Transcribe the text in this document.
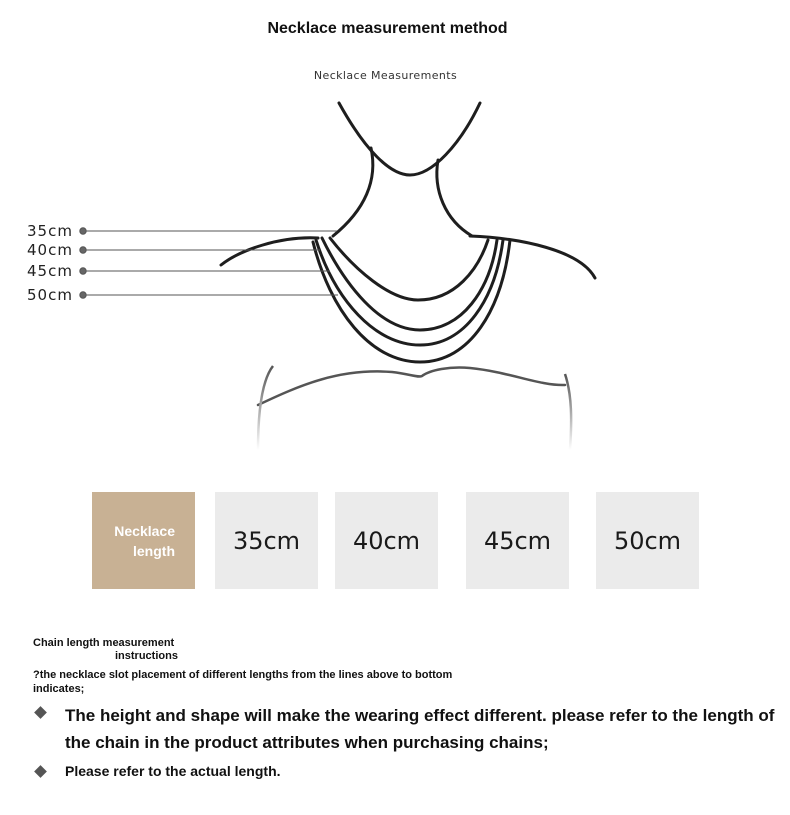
Necklace measurement method
Necklace Measurements
35cm
40cm
45cm
50cm
Necklace
length	35cm	40cm	45cm	50cm
Chain length measurement
instructions
?the necklace slot placement of different lengths from the lines above to bottom indicates;
The height and shape will make the wearing effect different. please refer to the length of the chain in the product attributes when purchasing chains;
Please refer to the actual length.
